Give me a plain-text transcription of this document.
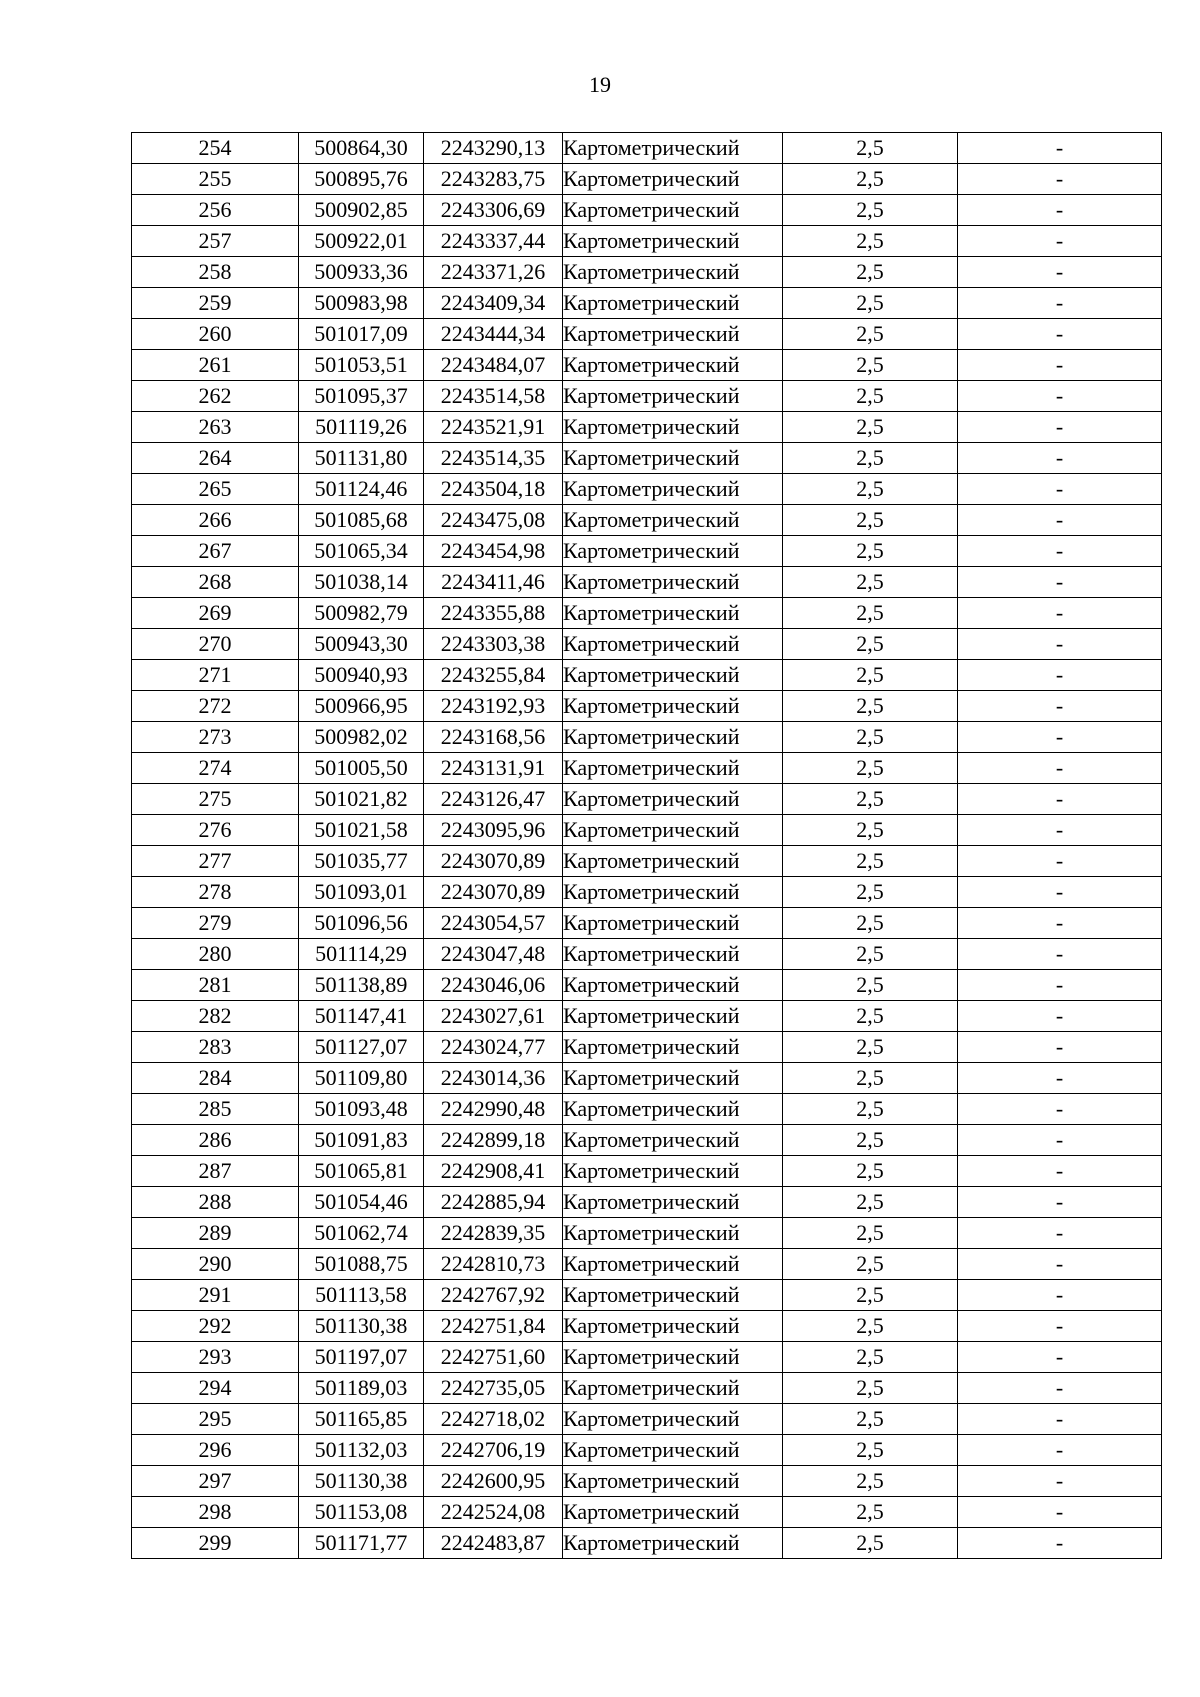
19
254	500864,30	2243290,13	Картометрический	2,5	-
255	500895,76	2243283,75	Картометрический	2,5	-
256	500902,85	2243306,69	Картометрический	2,5	-
257	500922,01	2243337,44	Картометрический	2,5	-
258	500933,36	2243371,26	Картометрический	2,5	-
259	500983,98	2243409,34	Картометрический	2,5	-
260	501017,09	2243444,34	Картометрический	2,5	-
261	501053,51	2243484,07	Картометрический	2,5	-
262	501095,37	2243514,58	Картометрический	2,5	-
263	501119,26	2243521,91	Картометрический	2,5	-
264	501131,80	2243514,35	Картометрический	2,5	-
265	501124,46	2243504,18	Картометрический	2,5	-
266	501085,68	2243475,08	Картометрический	2,5	-
267	501065,34	2243454,98	Картометрический	2,5	-
268	501038,14	2243411,46	Картометрический	2,5	-
269	500982,79	2243355,88	Картометрический	2,5	-
270	500943,30	2243303,38	Картометрический	2,5	-
271	500940,93	2243255,84	Картометрический	2,5	-
272	500966,95	2243192,93	Картометрический	2,5	-
273	500982,02	2243168,56	Картометрический	2,5	-
274	501005,50	2243131,91	Картометрический	2,5	-
275	501021,82	2243126,47	Картометрический	2,5	-
276	501021,58	2243095,96	Картометрический	2,5	-
277	501035,77	2243070,89	Картометрический	2,5	-
278	501093,01	2243070,89	Картометрический	2,5	-
279	501096,56	2243054,57	Картометрический	2,5	-
280	501114,29	2243047,48	Картометрический	2,5	-
281	501138,89	2243046,06	Картометрический	2,5	-
282	501147,41	2243027,61	Картометрический	2,5	-
283	501127,07	2243024,77	Картометрический	2,5	-
284	501109,80	2243014,36	Картометрический	2,5	-
285	501093,48	2242990,48	Картометрический	2,5	-
286	501091,83	2242899,18	Картометрический	2,5	-
287	501065,81	2242908,41	Картометрический	2,5	-
288	501054,46	2242885,94	Картометрический	2,5	-
289	501062,74	2242839,35	Картометрический	2,5	-
290	501088,75	2242810,73	Картометрический	2,5	-
291	501113,58	2242767,92	Картометрический	2,5	-
292	501130,38	2242751,84	Картометрический	2,5	-
293	501197,07	2242751,60	Картометрический	2,5	-
294	501189,03	2242735,05	Картометрический	2,5	-
295	501165,85	2242718,02	Картометрический	2,5	-
296	501132,03	2242706,19	Картометрический	2,5	-
297	501130,38	2242600,95	Картометрический	2,5	-
298	501153,08	2242524,08	Картометрический	2,5	-
299	501171,77	2242483,87	Картометрический	2,5	-
